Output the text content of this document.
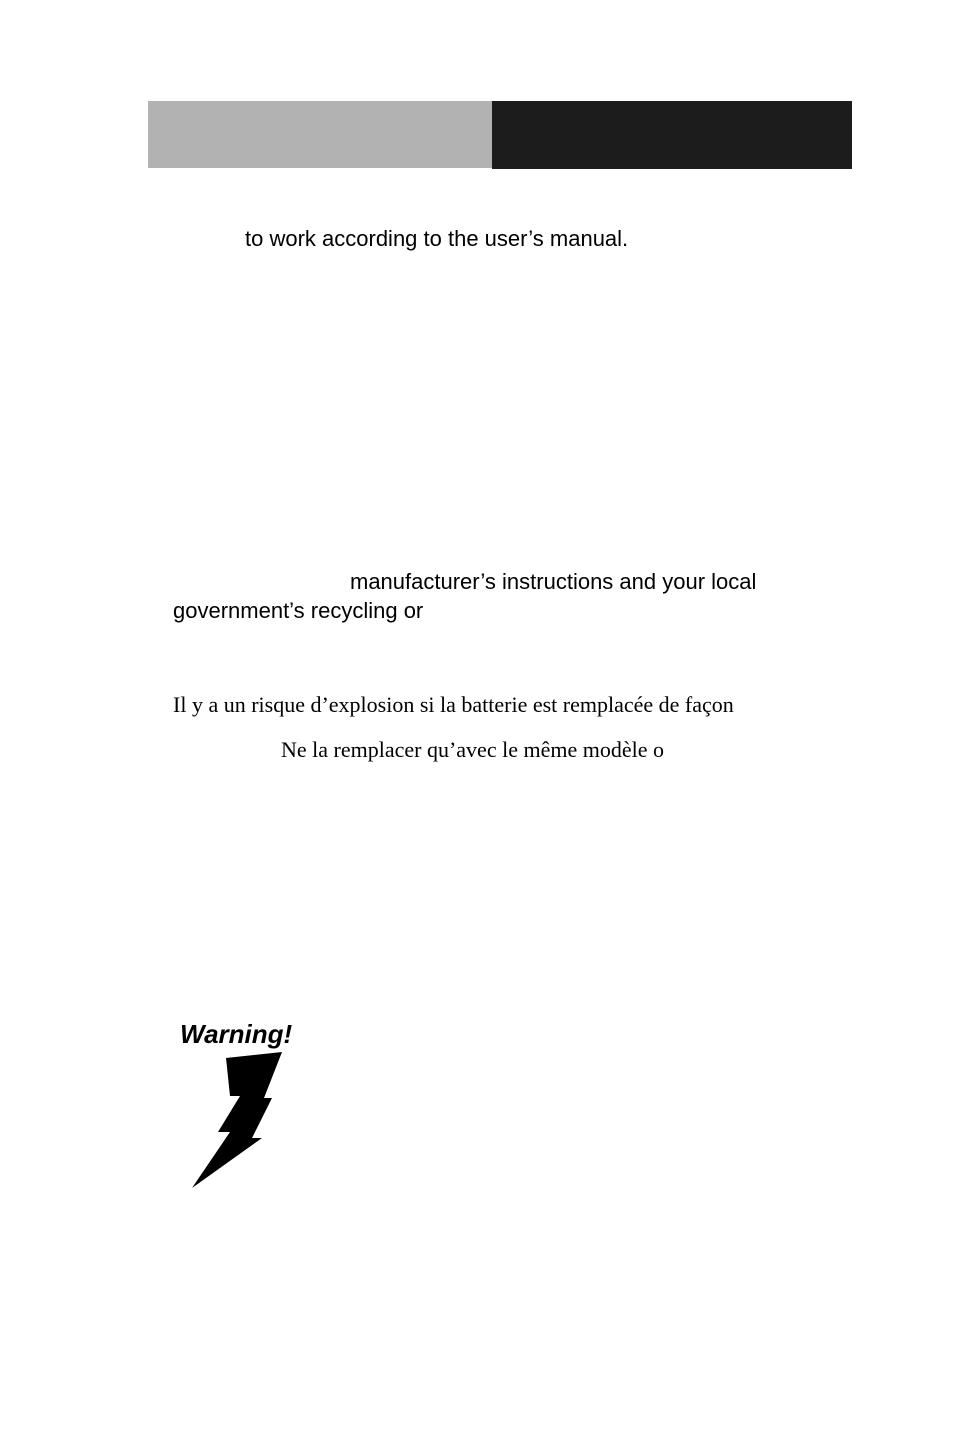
to work according to the user’s manual.
manufacturer’s instructions and your local
government’s recycling or
Il y a un risque d’explosion si la batterie est remplacée de façon
Ne la remplacer qu’avec le même modèle o
Warning!
